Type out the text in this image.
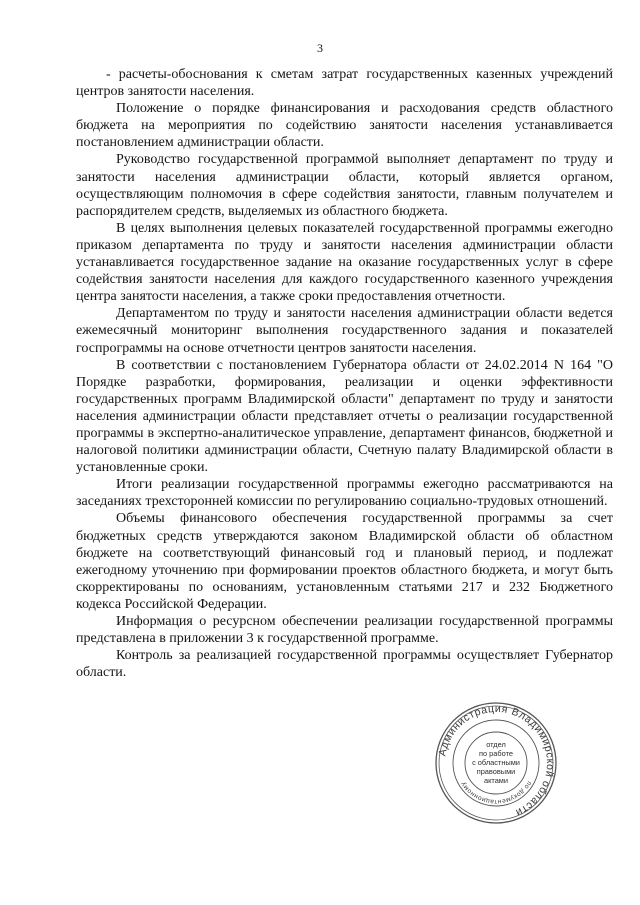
3

- расчеты-обоснования к сметам затрат государственных казенных учреждений центров занятости населения.

Положение о порядке финансирования и расходования средств областного бюджета на мероприятия по содействию занятости населения устанавливается постановлением администрации области.

Руководство государственной программой выполняет департамент по труду и занятости населения администрации области, который является органом, осуществляющим полномочия в сфере содействия занятости, главным получателем и распорядителем средств, выделяемых из областного бюджета.

В целях выполнения целевых показателей государственной программы ежегодно приказом департамента по труду и занятости населения администрации области устанавливается государственное задание на оказание государственных услуг в сфере содействия занятости населения для каждого государственного казенного учреждения центра занятости населения, а также сроки предоставления отчетности.

Департаментом по труду и занятости населения администрации области ведется ежемесячный мониторинг выполнения государственного задания и показателей госпрограммы на основе отчетности центров занятости населения.

В соответствии с постановлением Губернатора области от 24.02.2014 N 164 "О Порядке разработки, формирования, реализации и оценки эффективности государственных программ Владимирской области" департамент по труду и занятости населения администрации области представляет отчеты о реализации государственной программы в экспертно-аналитическое управление, департамент финансов, бюджетной и налоговой политики администрации области, Счетную палату Владимирской области в установленные сроки.

Итоги реализации государственной программы ежегодно рассматриваются на заседаниях трехсторонней комиссии по регулированию социально-трудовых отношений.

Объемы финансового обеспечения государственной программы за счет бюджетных средств утверждаются законом Владимирской области об областном бюджете на соответствующий финансовый год и плановый период, и подлежат ежегодному уточнению при формировании проектов областного бюджета, и могут быть скорректированы по основаниям, установленным статьями 217 и 232 Бюджетного кодекса Российской Федерации.

Информация о ресурсном обеспечении реализации государственной программы представлена в приложении 3 к государственной программе.

Контроль за реализацией государственной программы осуществляет Губернатор области.

Администрация Владимирской области
по документационному
отдел
по работе
с областными
правовыми
актами
